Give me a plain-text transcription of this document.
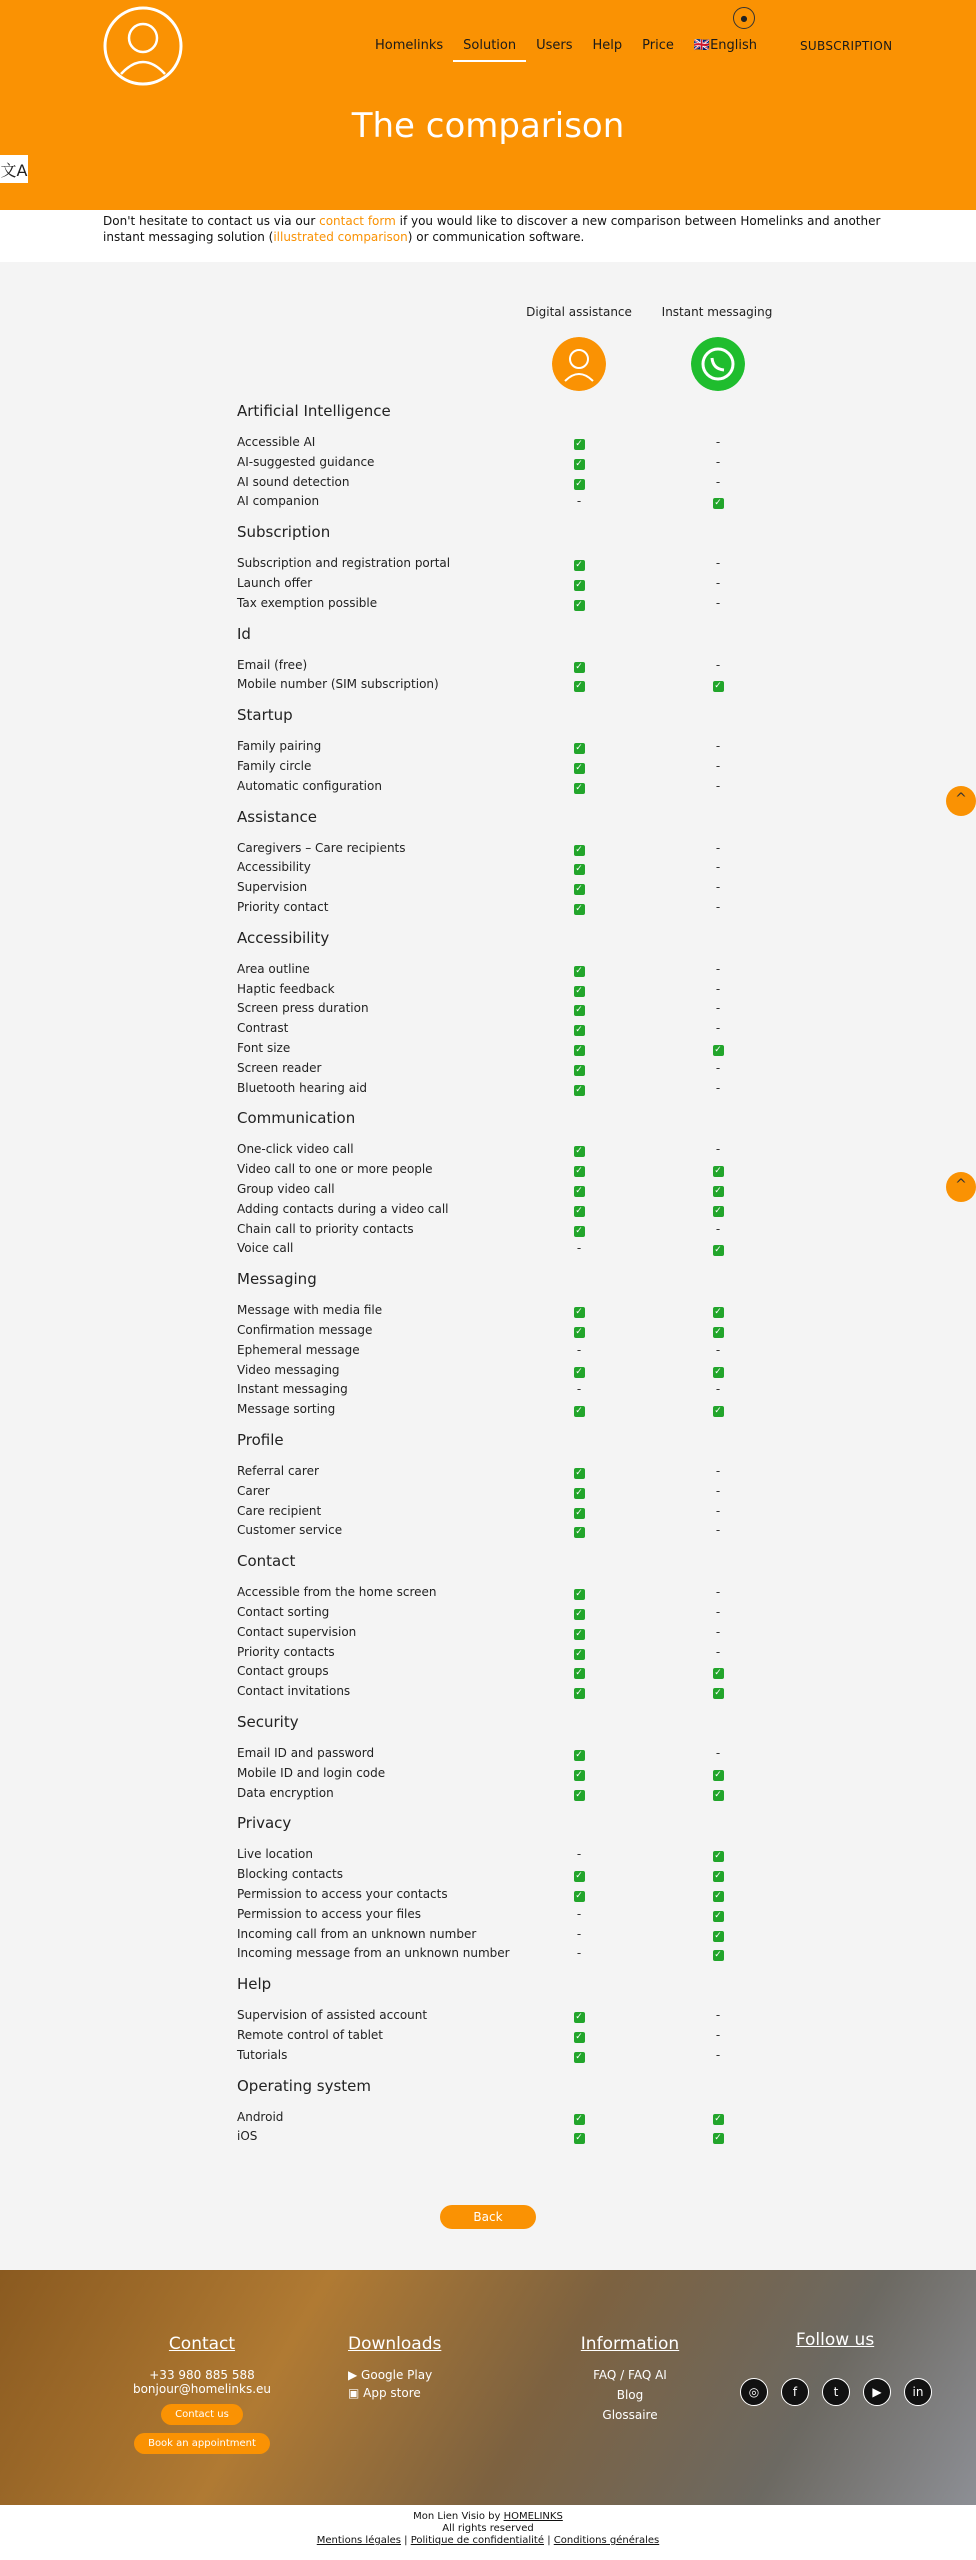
●
Homelinks	Solution	Users	Help	Price	🇬🇧English	SUBSCRIPTION
The comparison
文A
Don't hesitate to contact us via our contact form if you would like to discover a new comparison between Homelinks and another instant messaging solution (illustrated comparison) or communication software.
Digital assistance	Instant messaging
Artificial Intelligence
Accessible AI	✓	-
AI-suggested guidance	✓	-
AI sound detection	✓	-
AI companion	-	✓
Subscription
Subscription and registration portal	✓	-
Launch offer	✓	-
Tax exemption possible	✓	-
Id
Email (free)	✓	-
Mobile number (SIM subscription)	✓	✓
Startup
Family pairing	✓	-
Family circle	✓	-
Automatic configuration	✓	-
Assistance
Caregivers – Care recipients	✓	-
Accessibility	✓	-
Supervision	✓	-
Priority contact	✓	-
Accessibility
Area outline	✓	-
Haptic feedback	✓	-
Screen press duration	✓	-
Contrast	✓	-
Font size	✓	✓
Screen reader	✓	-
Bluetooth hearing aid	✓	-
Communication
One-click video call	✓	-
Video call to one or more people	✓	✓
Group video call	✓	✓
Adding contacts during a video call	✓	✓
Chain call to priority contacts	✓	-
Voice call	-	✓
Messaging
Message with media file	✓	✓
Confirmation message	✓	✓
Ephemeral message	-	-
Video messaging	✓	✓
Instant messaging	-	-
Message sorting	✓	✓
Profile
Referral carer	✓	-
Carer	✓	-
Care recipient	✓	-
Customer service	✓	-
Contact
Accessible from the home screen	✓	-
Contact sorting	✓	-
Contact supervision	✓	-
Priority contacts	✓	-
Contact groups	✓	✓
Contact invitations	✓	✓
Security
Email ID and password	✓	-
Mobile ID and login code	✓	✓
Data encryption	✓	✓
Privacy
Live location	-	✓
Blocking contacts	✓	✓
Permission to access your contacts	✓	✓
Permission to access your files	-	✓
Incoming call from an unknown number	-	✓
Incoming message from an unknown number	-	✓
Help
Supervision of assisted account	✓	-
Remote control of tablet	✓	-
Tutorials	✓	-
Operating system
Android	✓	✓
iOS	✓	✓
^
^
Back
Contact
+33 980 885 588
bonjour@homelinks.eu
Contact us
Book an appointment
Downloads
▶ Google Play
▣ App store
Information
FAQ / FAQ AI
Blog
Glossaire
Follow us
◎	f	t	▶	in
Mon Lien Visio by HOMELINKS
All rights reserved
Mentions légales | Politique de confidentialité | Conditions générales
